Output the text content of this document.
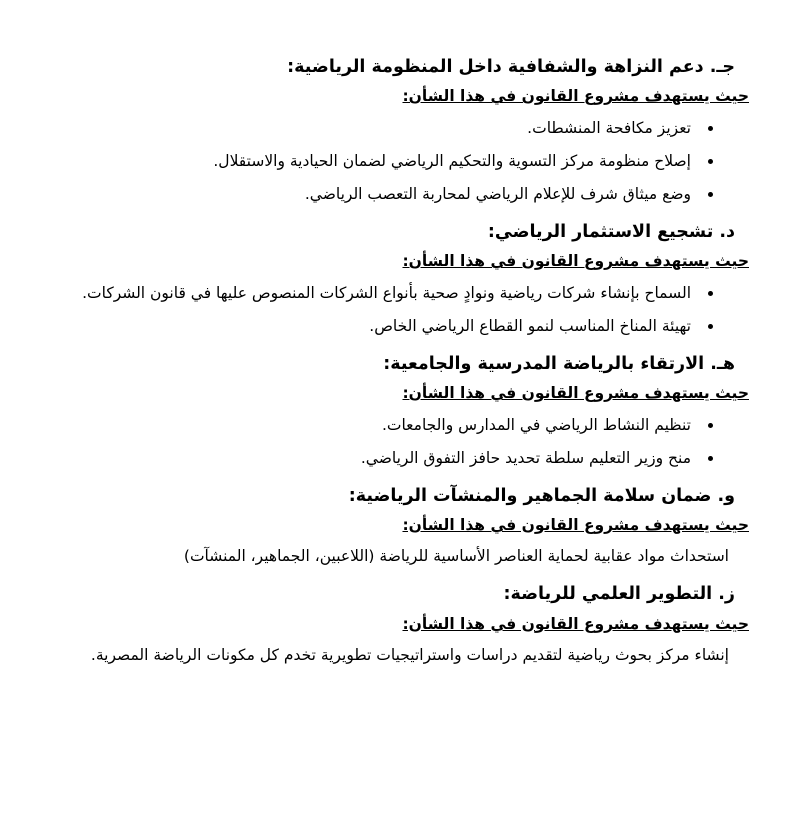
جـ. دعم النزاهة والشفافية داخل المنظومة الرياضية:
حيث يستهدف مشروع القانون في هذا الشأن:
• تعزيز مكافحة المنشطات.
• إصلاح منظومة مركز التسوية والتحكيم الرياضي لضمان الحيادية والاستقلال.
• وضع ميثاق شرف للإعلام الرياضي لمحاربة التعصب الرياضي.
د. تشجيع الاستثمار الرياضي:
حيث يستهدف مشروع القانون في هذا الشأن:
• السماح بإنشاء شركات رياضية ونوادٍ صحية بأنواع الشركات المنصوص عليها في قانون الشركات.
• تهيئة المناخ المناسب لنمو القطاع الرياضي الخاص.
هـ. الارتقاء بالرياضة المدرسية والجامعية:
حيث يستهدف مشروع القانون في هذا الشأن:
• تنظيم النشاط الرياضي في المدارس والجامعات.
• منح وزير التعليم سلطة تحديد حافز التفوق الرياضي.
و. ضمان سلامة الجماهير والمنشآت الرياضية:
حيث يستهدف مشروع القانون في هذا الشأن:

استحداث مواد عقابية لحماية العناصر الأساسية للرياضة (اللاعبين، الجماهير، المنشآت)

ز. التطوير العلمي للرياضة:
حيث يستهدف مشروع القانون في هذا الشأن:

إنشاء مركز بحوث رياضية لتقديم دراسات واستراتيجيات تطويرية تخدم كل مكونات الرياضة المصرية.
